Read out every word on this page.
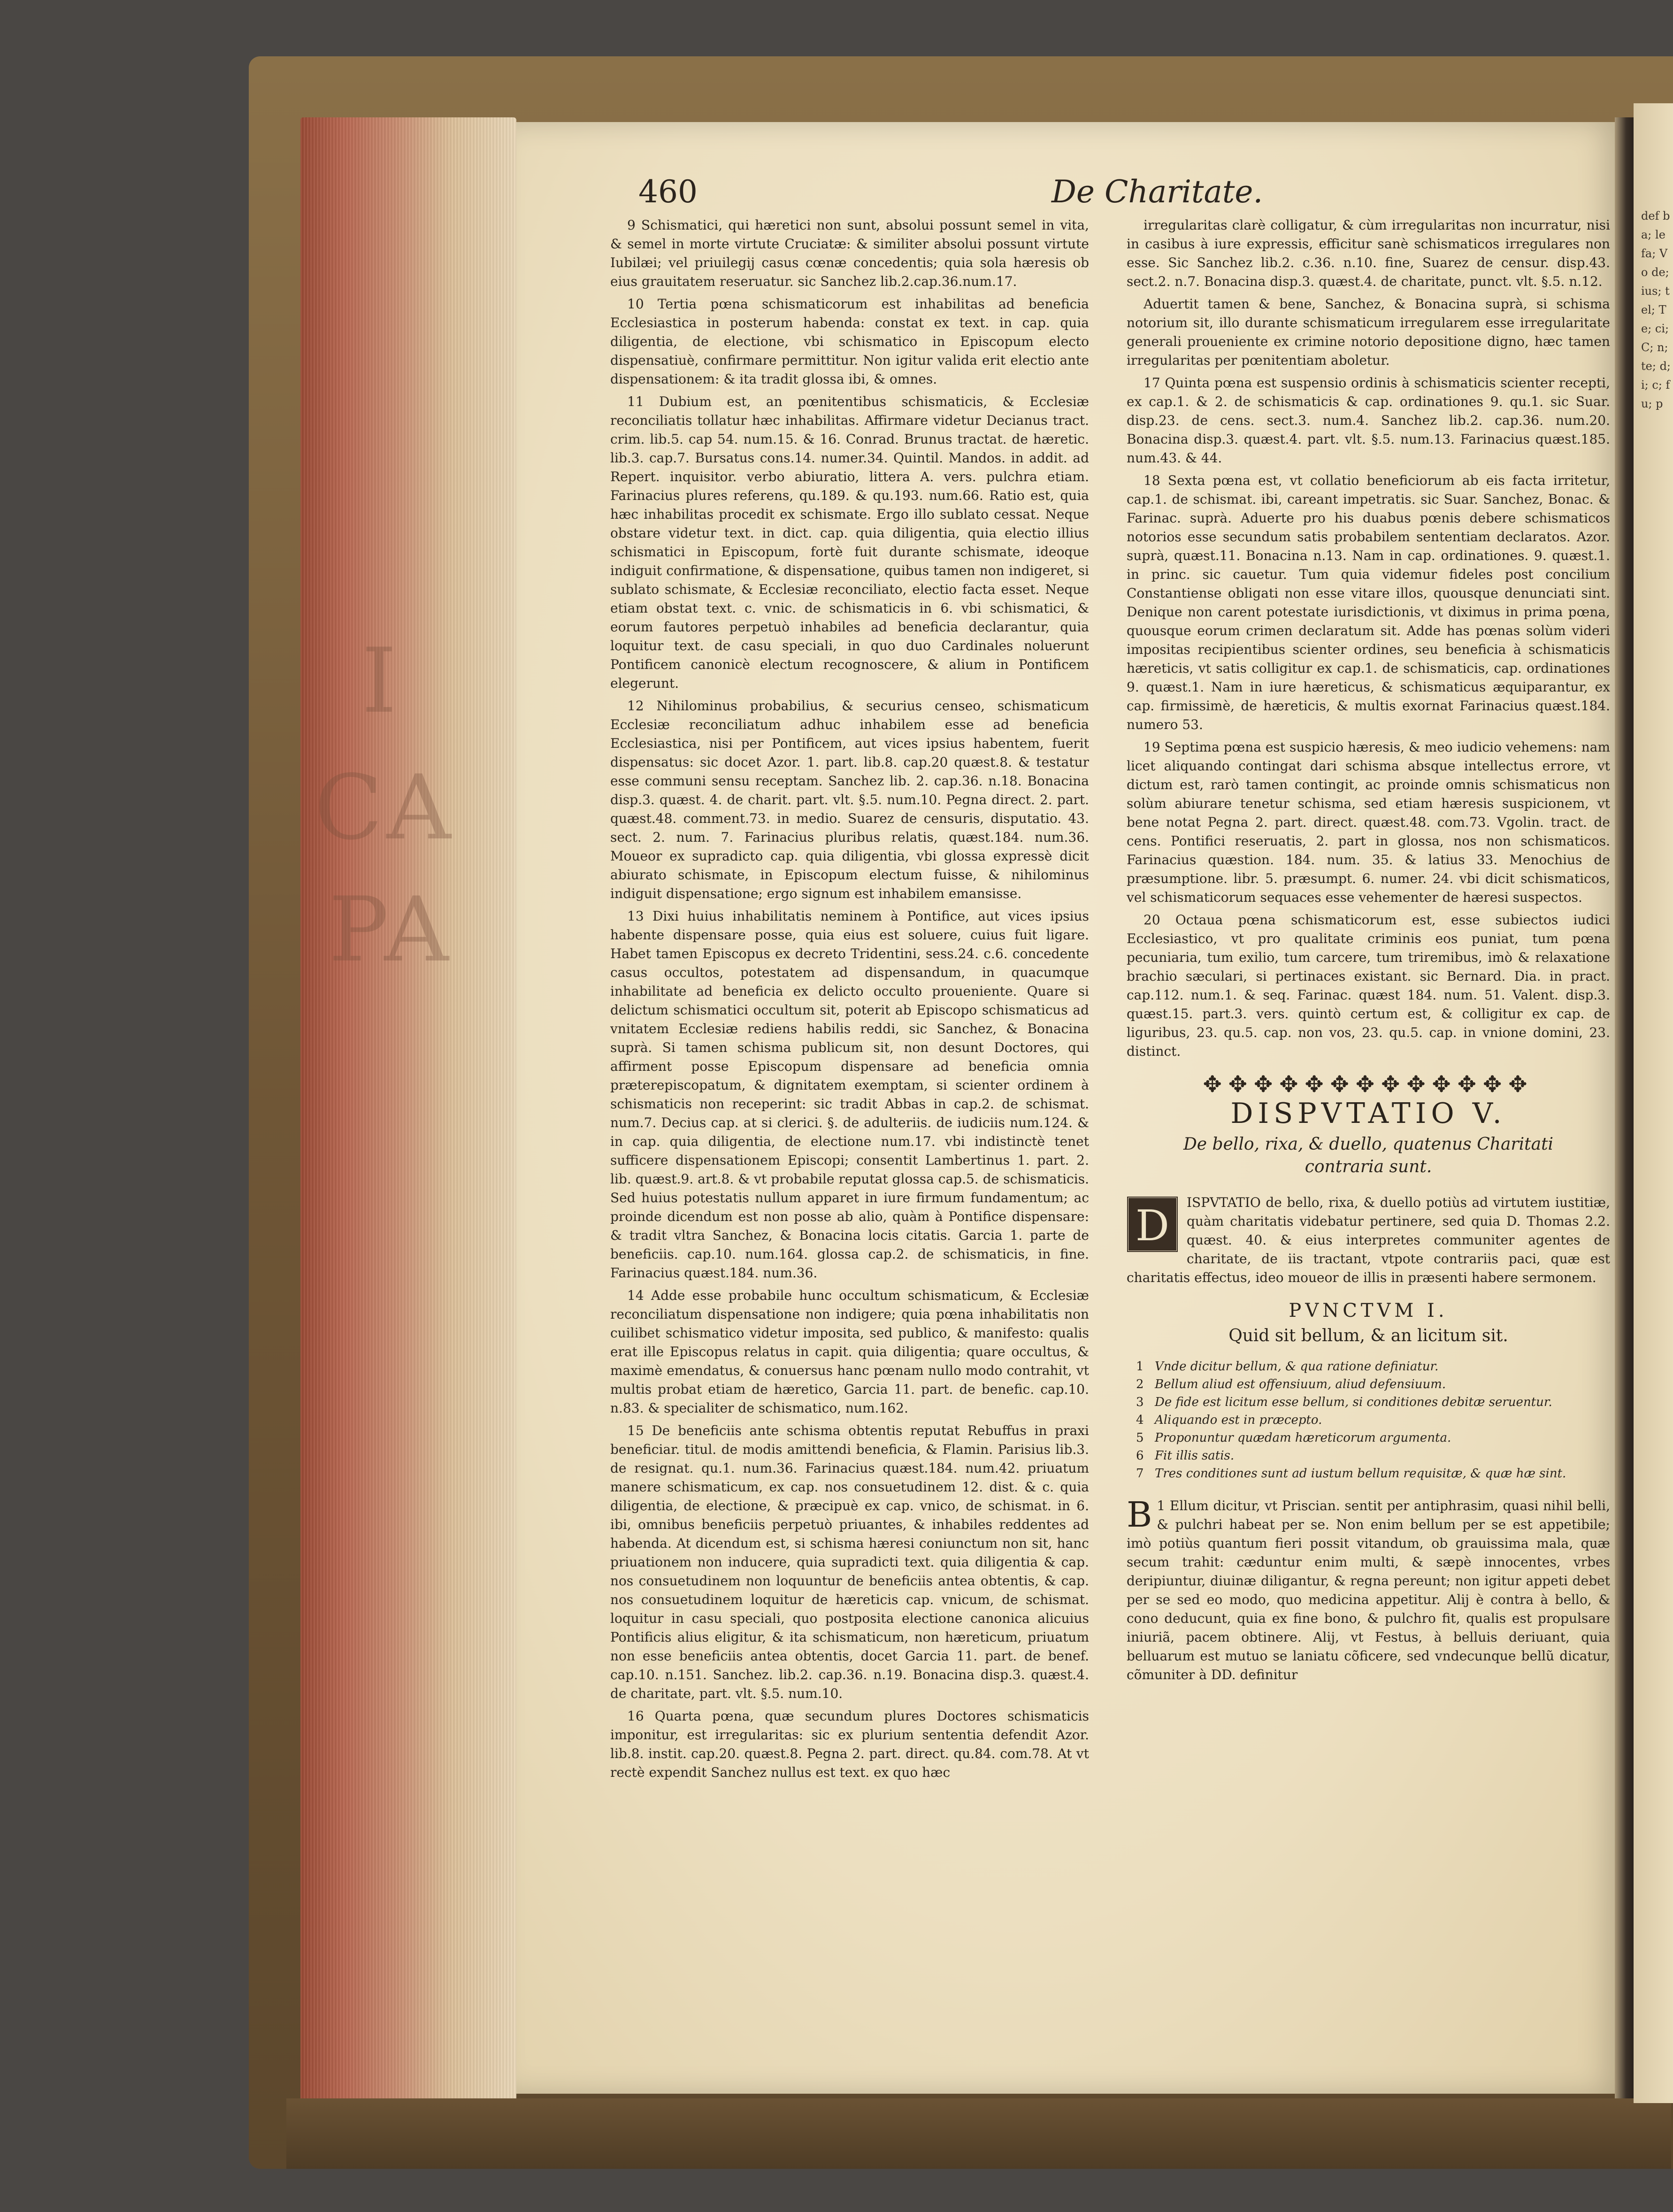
I
CA
PA
def ba; le fa; Vo de; ius; tel; Te; ci; C; n; te; d; i; c; fu; p
460	De Charitate.

9 Schismatici, qui hæretici non sunt, absolui possunt semel in vita, & semel in morte virtute Cruciatæ: & similiter absolui possunt virtute Iubilæi; vel priuilegij casus cœnæ concedentis; quia sola hæresis ob eius grauitatem reseruatur. sic Sanchez lib.2.cap.36.num.17.

10 Tertia pœna schismaticorum est inhabilitas ad beneficia Ecclesiastica in posterum habenda: constat ex text. in cap. quia diligentia, de electione, vbi schismatico in Episcopum electo dispensatiuè, confirmare permittitur. Non igitur valida erit electio ante dispensationem: & ita tradit glossa ibi, & omnes.

11 Dubium est, an pœnitentibus schismaticis, & Ecclesiæ reconciliatis tollatur hæc inhabilitas. Affirmare videtur Decianus tract. crim. lib.5. cap 54. num.15. & 16. Conrad. Brunus tractat. de hæretic. lib.3. cap.7. Bursatus cons.14. numer.34. Quintil. Mandos. in addit. ad Repert. inquisitor. verbo abiuratio, littera A. vers. pulchra etiam. Farinacius plures referens, qu.189. & qu.193. num.66. Ratio est, quia hæc inhabilitas procedit ex schismate. Ergo illo sublato cessat. Neque obstare videtur text. in dict. cap. quia diligentia, quia electio illius schismatici in Episcopum, fortè fuit durante schismate, ideoque indiguit confirmatione, & dispensatione, quibus tamen non indigeret, si sublato schismate, & Ecclesiæ reconciliato, electio facta esset. Neque etiam obstat text. c. vnic. de schismaticis in 6. vbi schismatici, & eorum fautores perpetuò inhabiles ad beneficia declarantur, quia loquitur text. de casu speciali, in quo duo Cardinales noluerunt Pontificem canonicè electum recognoscere, & alium in Pontificem elegerunt.

12 Nihilominus probabilius, & securius censeo, schismaticum Ecclesiæ reconciliatum adhuc inhabilem esse ad beneficia Ecclesiastica, nisi per Pontificem, aut vices ipsius habentem, fuerit dispensatus: sic docet Azor. 1. part. lib.8. cap.20 quæst.8. & testatur esse communi sensu receptam. Sanchez lib. 2. cap.36. n.18. Bonacina disp.3. quæst. 4. de charit. part. vlt. §.5. num.10. Pegna direct. 2. part. quæst.48. comment.73. in medio. Suarez de censuris, disputatio. 43. sect. 2. num. 7. Farinacius pluribus relatis, quæst.184. num.36. Moueor ex supradicto cap. quia diligentia, vbi glossa expressè dicit abiurato schismate, in Episcopum electum fuisse, & nihilominus indiguit dispensatione; ergo signum est inhabilem emansisse.

13 Dixi huius inhabilitatis neminem à Pontifice, aut vices ipsius habente dispensare posse, quia eius est soluere, cuius fuit ligare. Habet tamen Episcopus ex decreto Tridentini, sess.24. c.6. concedente casus occultos, potestatem ad dispensandum, in quacumque inhabilitate ad beneficia ex delicto occulto proueniente. Quare si delictum schismatici occultum sit, poterit ab Episcopo schismaticus ad vnitatem Ecclesiæ rediens habilis reddi, sic Sanchez, & Bonacina suprà. Si tamen schisma publicum sit, non desunt Doctores, qui affirment posse Episcopum dispensare ad beneficia omnia præterepiscopatum, & dignitatem exemptam, si scienter ordinem à schismaticis non receperint: sic tradit Abbas in cap.2. de schismat. num.7. Decius cap. at si clerici. §. de adulteriis. de iudiciis num.124. & in cap. quia diligentia, de electione num.17. vbi indistinctè tenet sufficere dispensationem Episcopi; consentit Lambertinus 1. part. 2. lib. quæst.9. art.8. & vt probabile reputat glossa cap.5. de schismaticis. Sed huius potestatis nullum apparet in iure firmum fundamentum; ac proinde dicendum est non posse ab alio, quàm à Pontifice dispensare: & tradit vltra Sanchez, & Bonacina locis citatis. Garcia 1. parte de beneficiis. cap.10. num.164. glossa cap.2. de schismaticis, in fine. Farinacius quæst.184. num.36.

14 Adde esse probabile hunc occultum schismaticum, & Ecclesiæ reconciliatum dispensatione non indigere; quia pœna inhabilitatis non cuilibet schismatico videtur imposita, sed publico, & manifesto: qualis erat ille Episcopus relatus in capit. quia diligentia; quare occultus, & maximè emendatus, & conuersus hanc pœnam nullo modo contrahit, vt multis probat etiam de hæretico, Garcia 11. part. de benefic. cap.10. n.83. & specialiter de schismatico, num.162.

15 De beneficiis ante schisma obtentis reputat Rebuffus in praxi beneficiar. titul. de modis amittendi beneficia, & Flamin. Parisius lib.3. de resignat. qu.1. num.36. Farinacius quæst.184. num.42. priuatum manere schismaticum, ex cap. nos consuetudinem 12. dist. & c. quia diligentia, de electione, & præcipuè ex cap. vnico, de schismat. in 6. ibi, omnibus beneficiis perpetuò priuantes, & inhabiles reddentes ad habenda. At dicendum est, si schisma hæresi coniunctum non sit, hanc priuationem non inducere, quia supradicti text. quia diligentia & cap. nos consuetudinem non loquuntur de beneficiis antea obtentis, & cap. nos consuetudinem loquitur de hæreticis cap. vnicum, de schismat. loquitur in casu speciali, quo postposita electione canonica alicuius Pontificis alius eligitur, & ita schismaticum, non hæreticum, priuatum non esse beneficiis antea obtentis, docet Garcia 11. part. de benef. cap.10. n.151. Sanchez. lib.2. cap.36. n.19. Bonacina disp.3. quæst.4. de charitate, part. vlt. §.5. num.10.

16 Quarta pœna, quæ secundum plures Doctores schismaticis imponitur, est irregularitas: sic ex plurium sententia defendit Azor. lib.8. instit. cap.20. quæst.8. Pegna 2. part. direct. qu.84. com.78. At vt rectè expendit Sanchez nullus est text. ex quo hæc

irregularitas clarè colligatur, & cùm irregularitas non incurratur, nisi in casibus à iure expressis, efficitur sanè schismaticos irregulares non esse. Sic Sanchez lib.2. c.36. n.10. fine, Suarez de censur. disp.43. sect.2. n.7. Bonacina disp.3. quæst.4. de charitate, punct. vlt. §.5. n.12.

Aduertit tamen & bene, Sanchez, & Bonacina suprà, si schisma notorium sit, illo durante schismaticum irregularem esse irregularitate generali proueniente ex crimine notorio depositione digno, hæc tamen irregularitas per pœnitentiam aboletur.

17 Quinta pœna est suspensio ordinis à schismaticis scienter recepti, ex cap.1. & 2. de schismaticis & cap. ordinationes 9. qu.1. sic Suar. disp.23. de cens. sect.3. num.4. Sanchez lib.2. cap.36. num.20. Bonacina disp.3. quæst.4. part. vlt. §.5. num.13. Farinacius quæst.185. num.43. & 44.

18 Sexta pœna est, vt collatio beneficiorum ab eis facta irritetur, cap.1. de schismat. ibi, careant impetratis. sic Suar. Sanchez, Bonac. & Farinac. suprà. Aduerte pro his duabus pœnis debere schismaticos notorios esse secundum satis probabilem sententiam declaratos. Azor. suprà, quæst.11. Bonacina n.13. Nam in cap. ordinationes. 9. quæst.1. in princ. sic cauetur. Tum quia videmur fideles post concilium Constantiense obligati non esse vitare illos, quousque denunciati sint. Denique non carent potestate iurisdictionis, vt diximus in prima pœna, quousque eorum crimen declaratum sit. Adde has pœnas solùm videri impositas recipientibus scienter ordines, seu beneficia à schismaticis hæreticis, vt satis colligitur ex cap.1. de schismaticis, cap. ordinationes 9. quæst.1. Nam in iure hæreticus, & schismaticus æquiparantur, ex cap. firmissimè, de hæreticis, & multis exornat Farinacius quæst.184. numero 53.

19 Septima pœna est suspicio hæresis, & meo iudicio vehemens: nam licet aliquando contingat dari schisma absque intellectus errore, vt dictum est, rarò tamen contingit, ac proinde omnis schismaticus non solùm abiurare tenetur schisma, sed etiam hæresis suspicionem, vt bene notat Pegna 2. part. direct. quæst.48. com.73. Vgolin. tract. de cens. Pontifici reseruatis, 2. part in glossa, nos non schismaticos. Farinacius quæstion. 184. num. 35. & latius 33. Menochius de præsumptione. libr. 5. præsumpt. 6. numer. 24. vbi dicit schismaticos, vel schismaticorum sequaces esse vehementer de hæresi suspectos.

20 Octaua pœna schismaticorum est, esse subiectos iudici Ecclesiastico, vt pro qualitate criminis eos puniat, tum pœna pecuniaria, tum exilio, tum carcere, tum triremibus, imò & relaxatione brachio sæculari, si pertinaces existant. sic Bernard. Dia. in pract. cap.112. num.1. & seq. Farinac. quæst 184. num. 51. Valent. disp.3. quæst.15. part.3. vers. quintò certum est, & colligitur ex cap. de liguribus, 23. qu.5. cap. non vos, 23. qu.5. cap. in vnione domini, 23. distinct.

✥✥✥✥✥✥✥✥✥✥✥✥✥
DISPVTATIO V.
De bello, rixa, & duello, quatenus Charitati contraria sunt.

D	ISPVTATIO de bello, rixa, & duello potiùs ad virtutem iustitiæ, quàm charitatis videbatur pertinere, sed quia D. Thomas 2.2. quæst. 40. & eius interpretes communiter agentes de charitate, de iis tractant, vtpote contrariis paci, quæ est charitatis effectus, ideo moueor de illis in præsenti habere sermonem.

PVNCTVM I.
Quid sit bellum, & an licitum sit.
1 Vnde dicitur bellum, & qua ratione definiatur.
2 Bellum aliud est offensiuum, aliud defensiuum.
3 De fide est licitum esse bellum, si conditiones debitæ seruentur.
4 Aliquando est in præcepto.
5 Proponuntur quædam hæreticorum argumenta.
6 Fit illis satis.
7 Tres conditiones sunt ad iustum bellum requisitæ, & quæ hæ sint.

1
B Ellum dicitur, vt Priscian. sentit per antiphrasim, quasi nihil belli, & pulchri habeat per se. Non enim bellum per se est appetibile; imò potiùs quantum fieri possit vitandum, ob grauissima mala, quæ secum trahit: cæduntur enim multi, & sæpè innocentes, vrbes deripiuntur, diuinæ diligantur, & regna pereunt; non igitur appeti debet per se sed eo modo, quo medicina appetitur. Alij è contra à bello, & cono deducunt, quia ex fine bono, & pulchro fit, qualis est propulsare iniuriã, pacem obtinere. Alij, vt Festus, à belluis deriuant, quia belluarum est mutuo se laniatu cõficere, sed vndecunque bellũ dicatur, cõmuniter à DD. definitur
